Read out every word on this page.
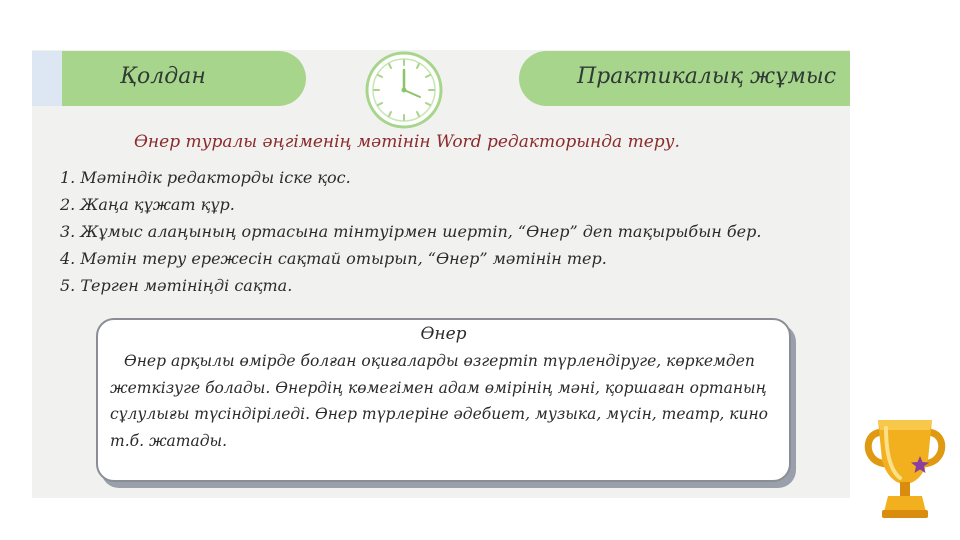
Қолдан	Практикалық жұмыс
Өнер туралы әңгіменің мәтінін Word редакторында теру.
1. Мәтіндік редакторды іске қос.
2. Жаңа құжат құр.
3. Жұмыс алаңының ортасына тінтуірмен шертіп, “Өнер” деп тақырыбын бер.
4. Мәтін теру ережесін сақтай отырып, “Өнер” мәтінін тер.
5. Терген мәтініңді сақта.
Өнер

Өнер арқылы өмірде болған оқиғаларды өзгертіп түрлендіруге, көркемдеп жеткізуге болады. Өнердің көмегімен адам өмірінің мәні, қоршаған ортаның сұлулығы түсіндіріледі. Өнер түрлеріне әдебиет, музыка, мүсін, театр, кино т.б. жатады.
